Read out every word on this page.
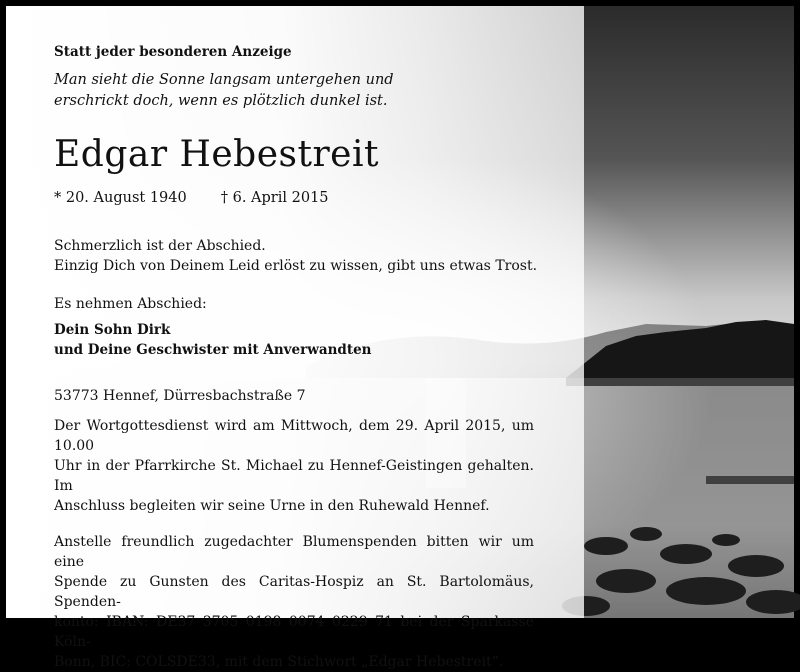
Statt jeder besonderen Anzeige
Man sieht die Sonne langsam untergehen und
erschrickt doch, wenn es plötzlich dunkel ist.
Edgar Hebestreit
* 20. August 1940 † 6. April 2015
Schmerzlich ist der Abschied.
Einzig Dich von Deinem Leid erlöst zu wissen, gibt uns etwas Trost.
Es nehmen Abschied:
Dein Sohn Dirk
und Deine Geschwister mit Anverwandten
53773 Hennef, Dürresbachstraße 7
Der Wortgottesdienst wird am Mittwoch, dem 29. April 2015, um 10.00
Uhr in der Pfarrkirche St. Michael zu Hennef-Geistingen gehalten. Im
Anschluss begleiten wir seine Urne in den Ruhewald Hennef.
Anstelle freundlich zugedachter Blumenspenden bitten wir um eine
Spende zu Gunsten des Caritas-Hospiz an St. Bartolomäus, Spenden-
konto: IBAN: DE37 3705 0198 0074 0229 71 bei der Sparkasse Köln-
Bonn, BIC: COLSDE33, mit dem Stichwort „Edgar Hebestreit“.
